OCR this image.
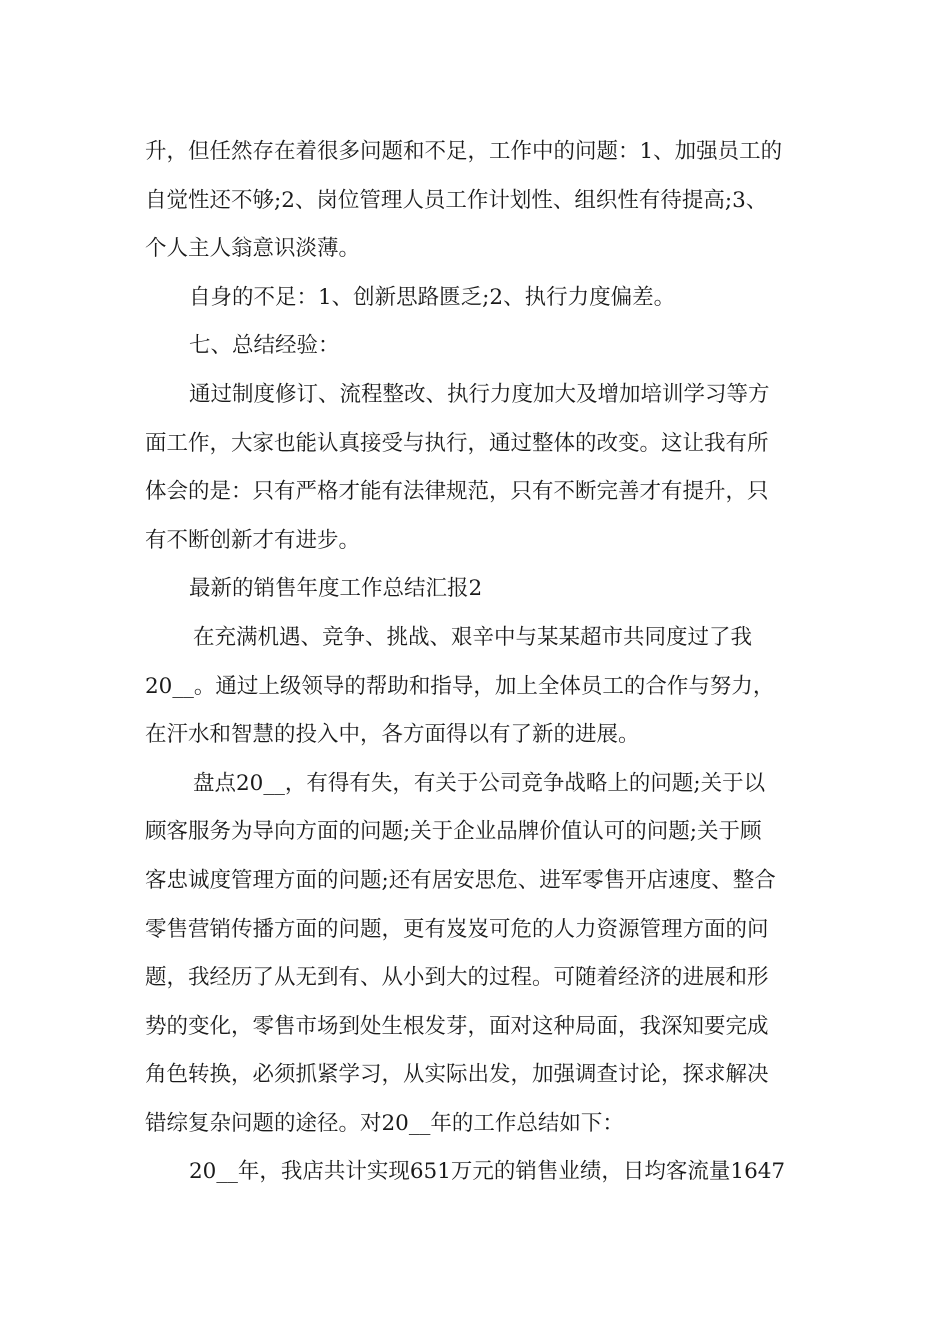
升，但任然存在着很多问题和不足，工作中的问题：1、加强员工的
自觉性还不够;2、岗位管理人员工作计划性、组织性有待提高;3、
个人主人翁意识淡薄。
自身的不足：1、创新思路匮乏;2、执行力度偏差。
七、总结经验：
通过制度修订、流程整改、执行力度加大及增加培训学习等方
面工作，大家也能认真接受与执行，通过整体的改变。这让我有所
体会的是：只有严格才能有法律规范，只有不断完善才有提升，只
有不断创新才有进步。
最新的销售年度工作总结汇报2
在充满机遇、竞争、挑战、艰辛中与某某超市共同度过了我
20__。通过上级领导的帮助和指导，加上全体员工的合作与努力，
在汗水和智慧的投入中，各方面得以有了新的进展。
盘点20__，有得有失，有关于公司竞争战略上的问题;关于以
顾客服务为导向方面的问题;关于企业品牌价值认可的问题;关于顾
客忠诚度管理方面的问题;还有居安思危、进军零售开店速度、整合
零售营销传播方面的问题，更有岌岌可危的人力资源管理方面的问
题，我经历了从无到有、从小到大的过程。可随着经济的进展和形
势的变化，零售市场到处生根发芽，面对这种局面，我深知要完成
角色转换，必须抓紧学习，从实际出发，加强调查讨论，探求解决
错综复杂问题的途径。对20__年的工作总结如下：
20__年，我店共计实现651万元的销售业绩，日均客流量1647
